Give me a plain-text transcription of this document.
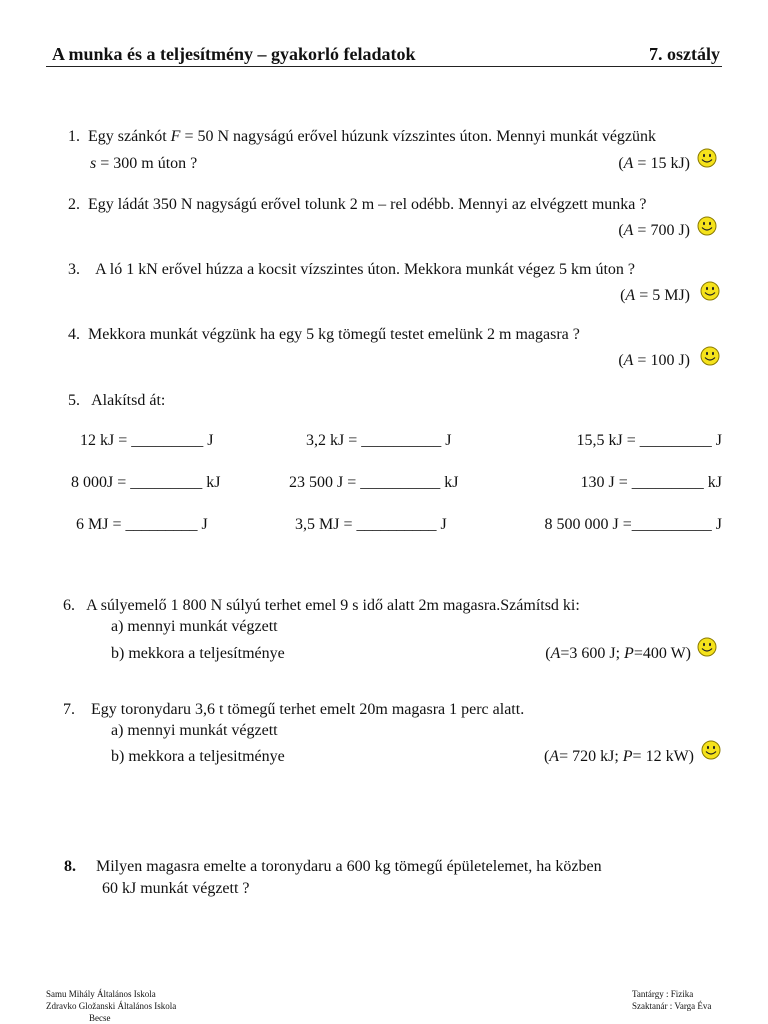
A munka és a teljesítmény – gyakorló feladatok	7. osztály
1. Egy szánkót F = 50 N nagyságú erővel húzunk vízszintes úton. Mennyi munkát végzünk
s = 300 m úton ?	(A = 15 kJ)
2. Egy ládát 350 N nagyságú erővel tolunk 2 m – rel odébb. Mennyi az elvégzett munka ?
(A = 700 J)
3. A ló 1 kN erővel húzza a kocsit vízszintes úton. Mekkora munkát végez 5 km úton ?
(A = 5 MJ)
4. Mekkora munkát végzünk ha egy 5 kg tömegű testet emelünk 2 m magasra ?
(A = 100 J)
5. Alakítsd át:
12 kJ = _________ J	3,2 kJ = __________ J	15,5 kJ = _________ J
8 000J = _________ kJ	23 500 J = __________ kJ	130 J = _________ kJ
6 MJ = _________ J	3,5 MJ = __________ J	8 500 000 J =__________ J
6. A súlyemelő 1 800 N súlyú terhet emel 9 s idő alatt 2m magasra.Számítsd ki:
a) mennyi munkát végzett
b) mekkora a teljesítménye	(A=3 600 J; P=400 W)
7. Egy toronydaru 3,6 t tömegű terhet emelt 20m magasra 1 perc alatt.
a) mennyi munkát végzett
b) mekkora a teljesitménye	(A= 720 kJ; P= 12 kW)
8. Milyen magasra emelte a toronydaru a 600 kg tömegű épületelemet, ha közben
60 kJ munkát végzett ?
Samu Mihály Általános Iskola
Zdravko Gložanski Általános Iskola
Becse
Tantárgy : Fizika
Szaktanár : Varga Éva
